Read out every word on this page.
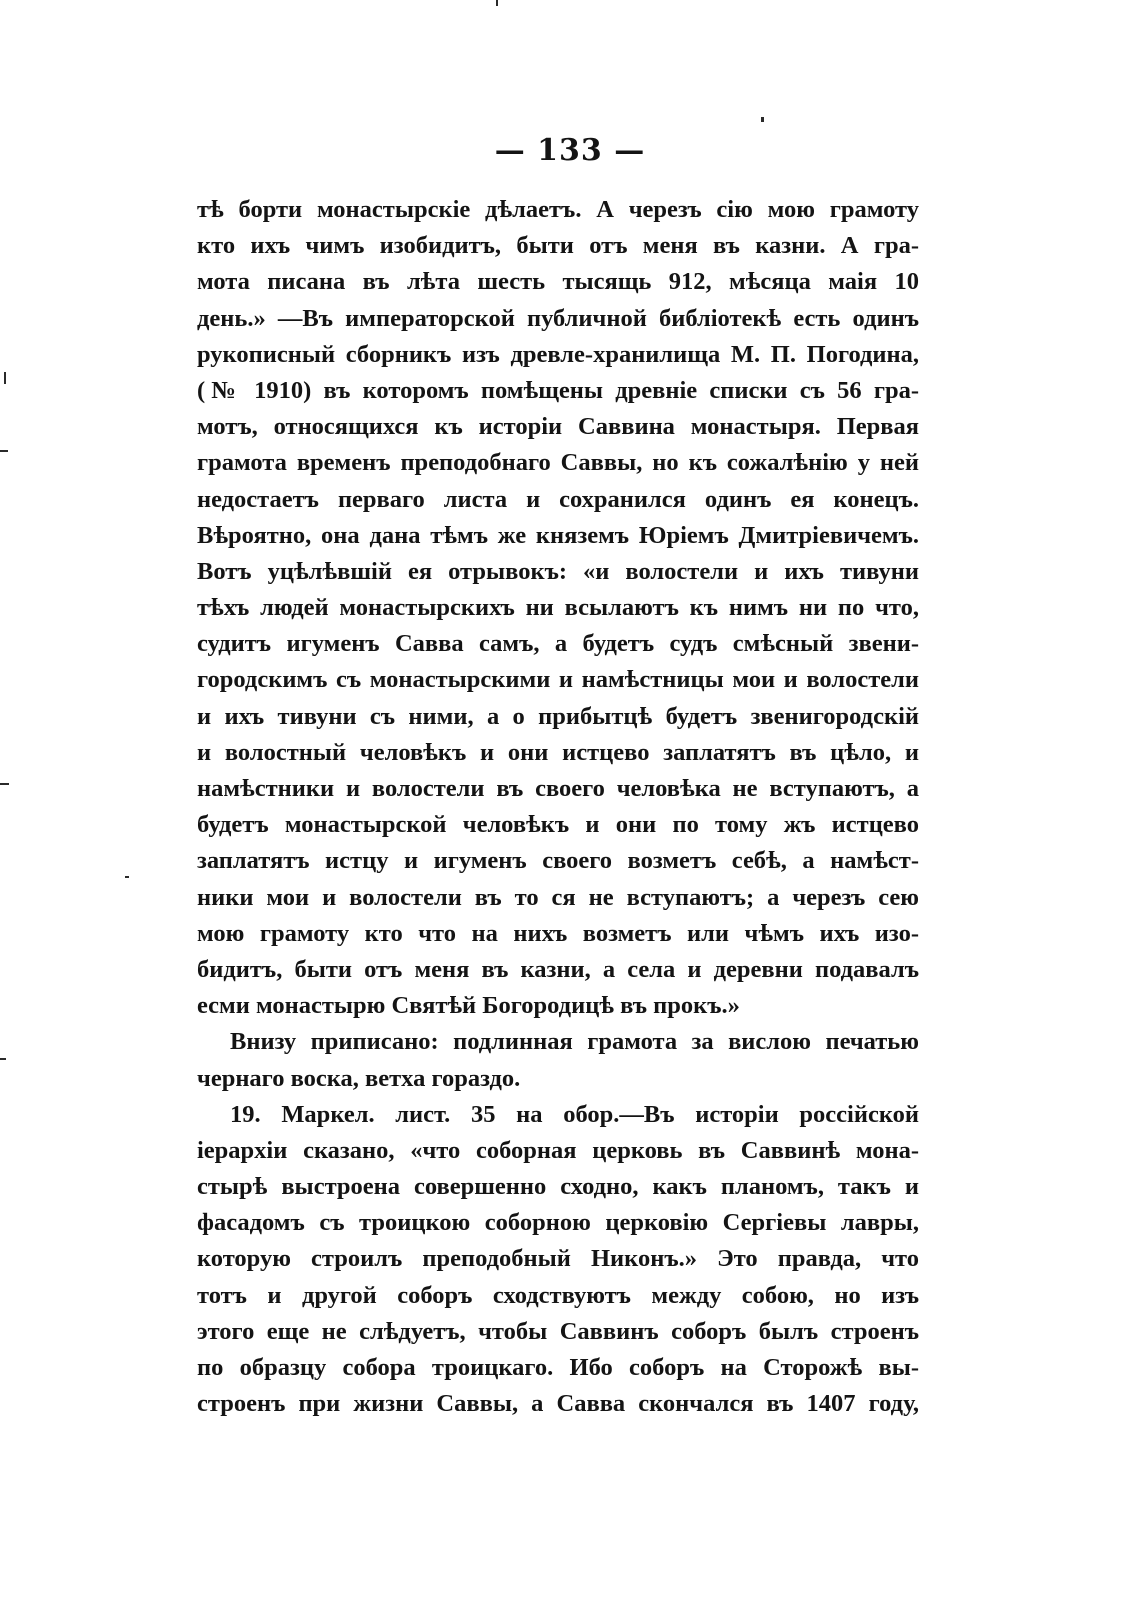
— 133 —
тѣ борти монастырскіе дѣлаетъ. А черезъ сію мою грамоту
кто ихъ чимъ изобидитъ, быти отъ меня въ казни. А гра-
мота писана въ лѣта шесть тысящь 912, мѣсяца маія 10
день.» —Въ императорской публичной библіотекѣ есть одинъ
рукописный сборникъ изъ древле-хранилища М. П. Погодина,
(№ 1910) въ которомъ помѣщены древніе списки съ 56 гра-
мотъ, относящихся къ исторіи Саввина монастыря. Первая
грамота временъ преподобнаго Саввы, но къ сожалѣнію у ней
недостаетъ перваго листа и сохранился одинъ ея конецъ.
Вѣроятно, она дана тѣмъ же княземъ Юріемъ Дмитріевичемъ.
Вотъ уцѣлѣвшій ея отрывокъ: «и волостели и ихъ тивуни
тѣхъ людей монастырскихъ ни всылаютъ къ нимъ ни по что,
судитъ игуменъ Савва самъ, а будетъ судъ смѣсный звени-
городскимъ съ монастырскими и намѣстницы мои и волостели
и ихъ тивуни съ ними, а о прибытцѣ будетъ звенигородскій
и волостный человѣкъ и они истцево заплатятъ въ цѣло, и
намѣстники и волостели въ своего человѣка не вступаютъ, а
будетъ монастырской человѣкъ и они по тому жъ истцево
заплатятъ истцу и игуменъ своего возметъ себѣ, а намѣст-
ники мои и волостели въ то ся не вступаютъ; а черезъ сею
мою грамоту кто что на нихъ возметъ или чѣмъ ихъ изо-
бидитъ, быти отъ меня въ казни, а села и деревни подавалъ
есми монастырю Святѣй Богородицѣ въ прокъ.»
Внизу приписано: подлинная грамота за вислою печатью
чернаго воска, ветха гораздо.
19. Маркел. лист. 35 на обор.—Въ исторіи россійской
іерархіи сказано, «что соборная церковь въ Саввинѣ мона-
стырѣ выстроена совершенно сходно, какъ планомъ, такъ и
фасадомъ съ троицкою соборною церковію Сергіевы лавры,
которую строилъ преподобный Никонъ.» Это правда, что
тотъ и другой соборъ сходствуютъ между собою, но изъ
этого еще не слѣдуетъ, чтобы Саввинъ соборъ былъ строенъ
по образцу собора троицкаго. Ибо соборъ на Сторожѣ вы-
строенъ при жизни Саввы, а Савва скончался въ 1407 году,
